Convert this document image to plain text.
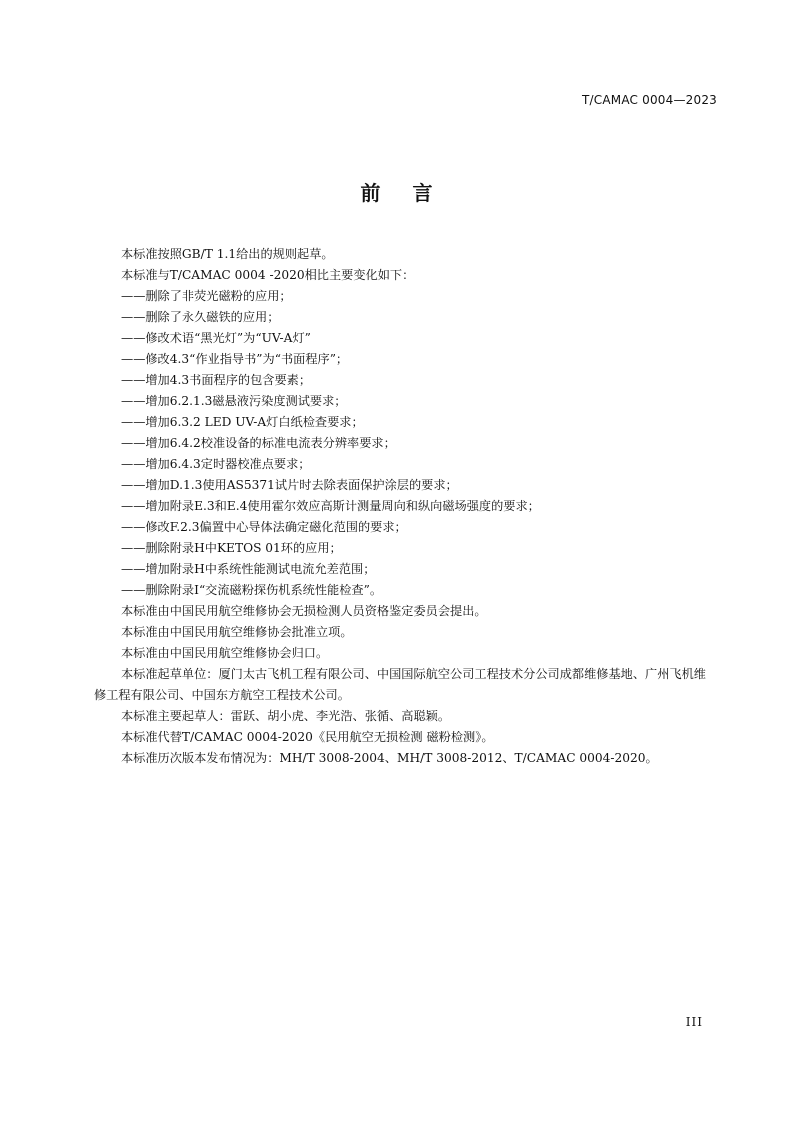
T/CAMAC 0004—2023
前言

本标准按照GB/T 1.1给出的规则起草。

本标准与T/CAMAC 0004 -2020相比主要变化如下：

——删除了非荧光磁粉的应用；

——删除了永久磁铁的应用；

——修改术语“黑光灯”为“UV-A灯”

——修改4.3“作业指导书”为“书面程序”；

——增加4.3书面程序的包含要素；

——增加6.2.1.3磁悬液污染度测试要求；

——增加6.3.2 LED UV-A灯白纸检查要求；

——增加6.4.2校准设备的标准电流表分辨率要求；

——增加6.4.3定时器校准点要求；

——增加D.1.3使用AS5371试片时去除表面保护涂层的要求；

——增加附录E.3和E.4使用霍尔效应高斯计测量周向和纵向磁场强度的要求；

——修改F.2.3偏置中心导体法确定磁化范围的要求；

——删除附录H中KETOS 01环的应用；

——增加附录H中系统性能测试电流允差范围；

——删除附录I“交流磁粉探伤机系统性能检查”。

本标准由中国民用航空维修协会无损检测人员资格鉴定委员会提出。

本标准由中国民用航空维修协会批准立项。

本标准由中国民用航空维修协会归口。

本标准起草单位：厦门太古飞机工程有限公司、中国国际航空公司工程技术分公司成都维修基地、广州飞机维修工程有限公司、中国东方航空工程技术公司。

本标准主要起草人：雷跃、胡小虎、李光浩、张循、高聪颖。

本标准代替T/CAMAC 0004-2020《民用航空无损检测 磁粉检测》。

本标准历次版本发布情况为：MH/T 3008-2004、MH/T 3008-2012、T/CAMAC 0004-2020。

III
